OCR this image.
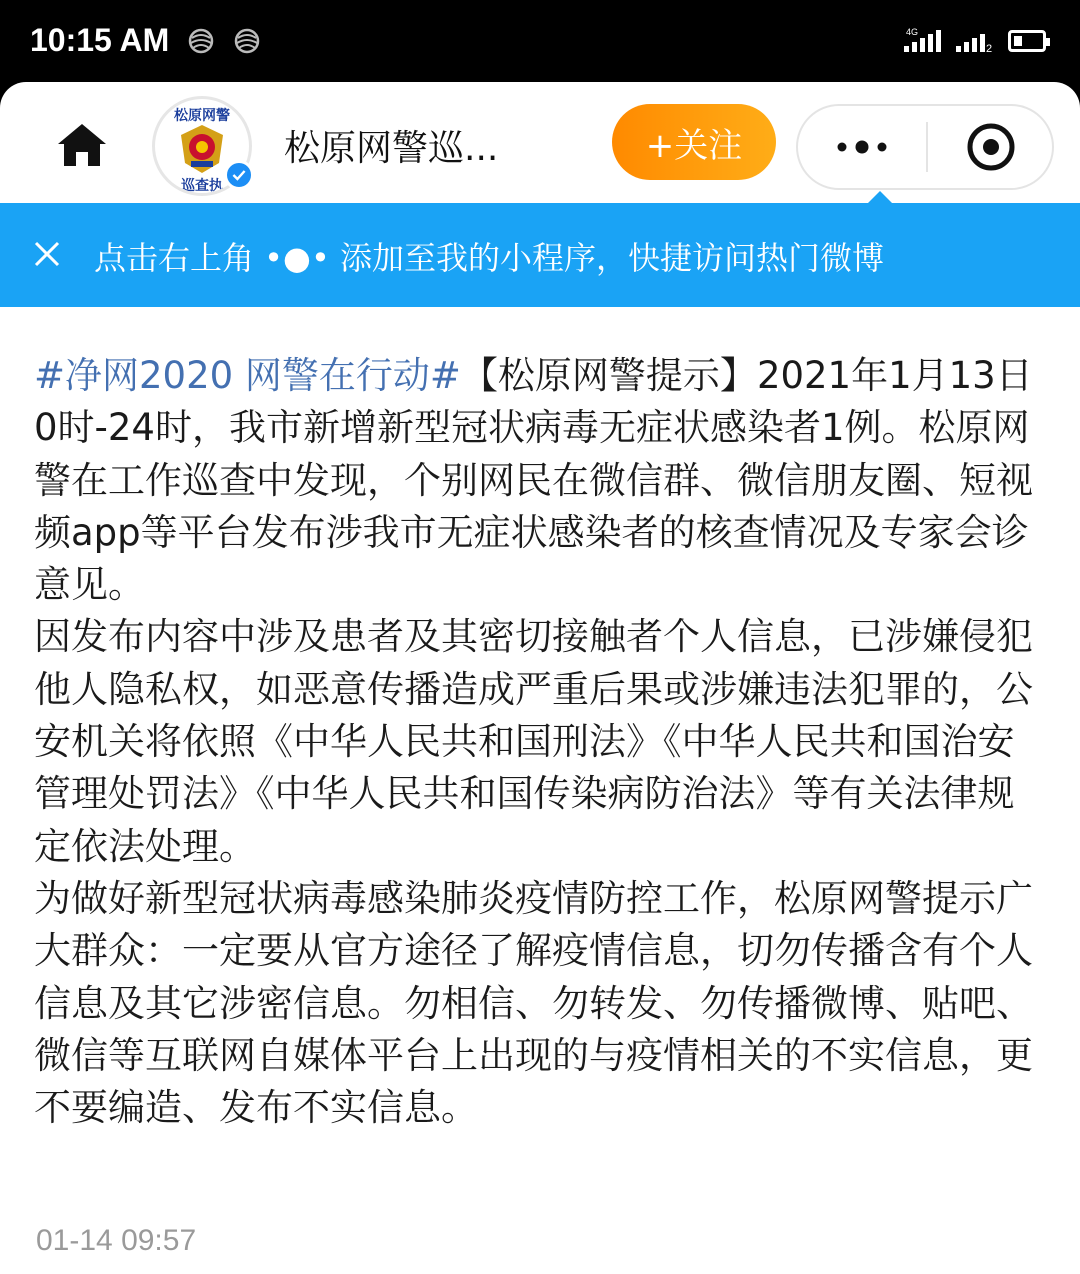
10:15 AM	4G
2
松原网警
巡查执
松原网警巡...	+关注
点击右上角 •●• 添加至我的小程序，快捷访问热门微博

#净网2020 网警在行动#【松原网警提示】2021年1月13日0时-24时，我市新增新型冠状病毒无症状感染者1例。松原网警在工作巡查中发现，个别网民在微信群、微信朋友圈、短视频app等平台发布涉我市无症状感染者的核查情况及专家会诊意见。

因发布内容中涉及患者及其密切接触者个人信息，已涉嫌侵犯他人隐私权，如恶意传播造成严重后果或涉嫌违法犯罪的，公安机关将依照《中华人民共和国刑法》《中华人民共和国治安管理处罚法》《中华人民共和国传染病防治法》等有关法律规定依法处理。

为做好新型冠状病毒感染肺炎疫情防控工作，松原网警提示广大群众：一定要从官方途径了解疫情信息，切勿传播含有个人信息及其它涉密信息。勿相信、勿转发、勿传播微博、贴吧、微信等互联网自媒体平台上出现的与疫情相关的不实信息，更不要编造、发布不实信息。

01-14 09:57
